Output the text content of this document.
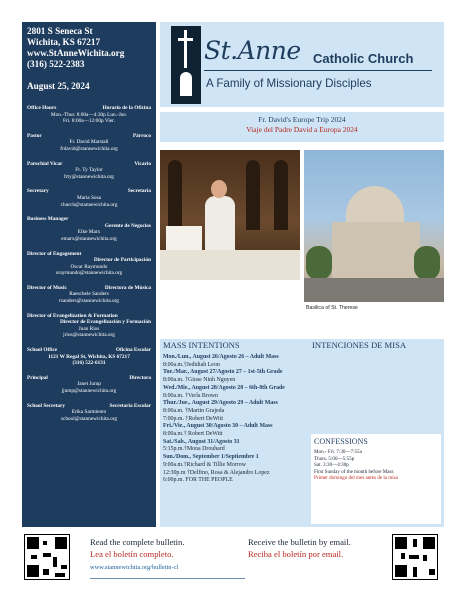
2801 S Seneca St
Wichita, KS 67217
www.StAnneWichita.org
(316) 522-2383
August 25, 2024
Office Hours	Horario de la Oficina
Mon.-Thur. 8:00a—4:30p Lun.-Jue.
Fri. 8:00a—12:00p Vier.
Pastor	Párroco
Fr. David Marstall
frdavid@stannewichita.org
Parochial Vicar	Vicario
Fr. Ty Taylor
frty@stannewichita.org
Secretary	Secretaria
Maria Sosa
church@stannewichita.org
Business Manager
Gerente de Negocios
Elke Marx
emarx@stannewichita.org
Director of Engagement
Director de Participación
Oscar Raymundo
oraymundo@stannewichita.org
Director of Music	Directora de Música
Raeschele Sanders
rsanders@stannewichita.org
Director of Evangelization & Formation
Director de Evangelización y Formación
Juan Rios
jrios@stannewichita.org
School Office	Oficina Escolar
1121 W Regal St, Wichita, KS 67217
(316) 522-6131
Principal	Directora
Janet Jump
jjump@stannewichita.org
School Secretary	Secretaria Escolar
Erika Sarmiento
school@stannewichita.org
St.Anne Catholic Church
A Family of Missionary Disciples
Fr. David's Europe Trip 2024
Viaje del Padre David a Europa 2024
Basilica of St. Therese
MASS INTENTIONS	INTENCIONES DE MISA
Mon./Lun., August 26/Agosto 26 – Adult Mass
8:00a.m.†Jedidiah Leon
Tue./Mar., August 27/Agosto 27 – 1st-5th Grade
8:00a.m. †Giuse Ninh Nguyen
Wed./Mie., August 28/Agosto 28 – 6th-8th Grade
8:00a.m. †Verla Brown
Thur./Jue., August 29/Agosto 29 – Adult Mass
8:00a.m. †Martin Grajeda
7:00p.m. †Robert DeWitt
Fri./Vie., August 30/Agosto 30 – Adult Mass
8:00a.m.† Robert DeWitt
Sat./Sab., August 31/Agosto 31
5:15p.m.†Mona Drouhard
Sun./Dom., September 1/Septiembre 1
9:00a.m.†Richard & Tillie Morrow
12:30p.m †Delfino, Rosa & Alejandro Lopez
6:00p.m. FOR THE PEOPLE
CONFESSIONS
Mon.- Fri. 7:30—7:55a
Thurs. 5:00—5:55p
Sat. 3:30—4:30p
First Sunday of the month before Mass
Primer domingo del mes antes de la misa
Read the complete bulletin.
Lea el boletín completo.
www.stannewichita.org/bulletin-cl
Receive the bulletin by email.
Reciba el boletín por email.
